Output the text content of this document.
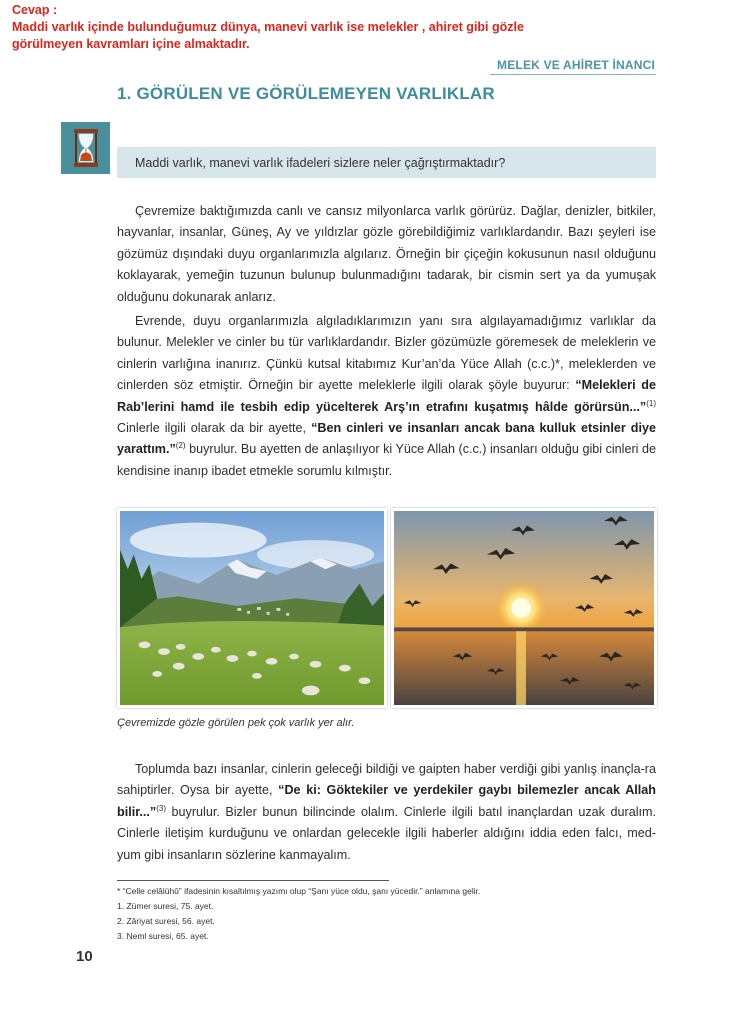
Cevap :
Maddi varlık içinde bulunduğumuz dünya, manevi varlık ise melekler , ahiret gibi gözle
görülmeyen kavramları içine almaktadır.
MELEK VE AHİRET İNANCI
1. GÖRÜLEN VE GÖRÜLEMEYEN VARLIKLAR
Maddi varlık, manevi varlık ifadeleri sizlere neler çağrıştırmaktadır?

Çevremize baktığımızda canlı ve cansız milyonlarca varlık görürüz. Dağlar, denizler, bitkiler, hayvanlar, insanlar, Güneş, Ay ve yıldızlar gözle görebildiğimiz varlıklardandır. Bazı şeyleri ise gözümüz dışındaki duyu organlarımızla algılarız. Örneğin bir çiçeğin kokusunun nasıl olduğunu koklayarak, yemeğin tuzunun bulunup bulunmadığını tadarak, bir cismin sert ya da yumuşak olduğunu dokunarak anlarız.

Evrende, duyu organlarımızla algıladıklarımızın yanı sıra algılayamadığımız varlıklar da bulunur. Melekler ve cinler bu tür varlıklardandır. Bizler gözümüzle göremesek de meleklerin ve cinlerin varlığına inanırız. Çünkü kutsal kitabımız Kur’an’da Yüce Allah (c.c.)*, meleklerden ve cinlerden söz etmiştir. Örneğin bir ayette meleklerle ilgili olarak şöyle buyurur: “Melekleri de Rab’lerini hamd ile tesbih edip yücelterek Arş’ın etrafını kuşatmış hâlde görürsün...”$^{(1)}$ Cinlerle ilgili olarak da bir ayette, “Ben cinleri ve insanları ancak bana kulluk etsinler diye yarattım.”$^{(2)}$ buyrulur. Bu ayetten de anlaşılıyor ki Yüce Allah (c.c.) insanları olduğu gibi cinleri de kendisine inanıp ibadet etmekle sorumlu kılmıştır.

Çevremizde gözle görülen pek çok varlık yer alır.

Toplumda bazı insanlar, cinlerin geleceği bildiği ve gaipten haber verdiği gibi yanlış inançla-ra sahiptirler. Oysa bir ayette, “De ki: Göktekiler ve yerdekiler gaybı bilemezler ancak Allah bilir...”$^{(3)}$ buyrulur. Bizler bunun bilincinde olalım. Cinlerle ilgili batıl inançlardan uzak duralım. Cinlerle iletişim kurduğunu ve onlardan gelecekle ilgili haberler aldığını iddia eden falcı, med-yum gibi insanların sözlerine kanmayalım.

* “Celle celâlühû” ifadesinin kısaltılmış yazımı olup “Şanı yüce oldu, şanı yücedir.” anlamına gelir.
1. Zümer suresi, 75. ayet.
2. Zâriyat suresi, 56. ayet.
3. Neml suresi, 65. ayet.
10
